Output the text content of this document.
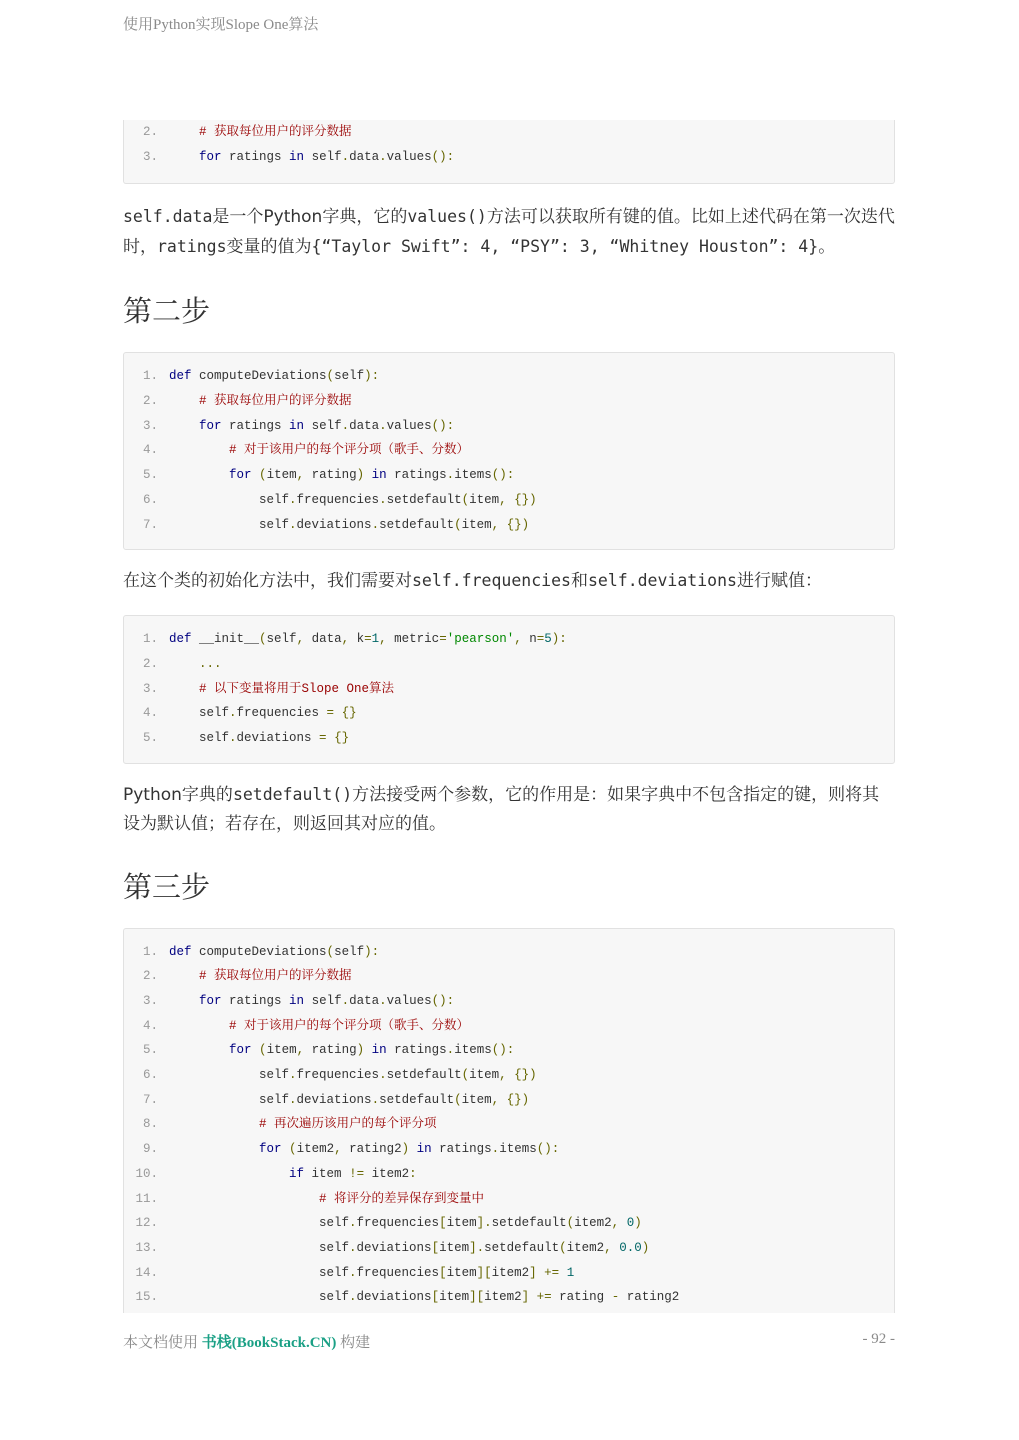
使用Python实现Slope One算法
2.	# 获取每位用户的评分数据
3.	for ratings in self.data.values():

self.data是一个Python字典，它的values()方法可以获取所有键的值。比如上述代码在第一次迭代时，ratings变量的值为{“Taylor Swift”: 4, “PSY”: 3, “Whitney Houston”: 4}。

第二步
1. def computeDeviations(self):
2.	# 获取每位用户的评分数据
3.	for ratings in self.data.values():
4.	# 对于该用户的每个评分项（歌手、分数）
5.	for (item, rating) in ratings.items():
6.            self.frequencies.setdefault(item, {})
7.            self.deviations.setdefault(item, {})

在这个类的初始化方法中，我们需要对self.frequencies和self.deviations进行赋值：

1. def __init__(self, data, k=1, metric='pearson', n=5):
2.	...
3.	# 以下变量将用于Slope One算法
4.    self.frequencies = {}
5.    self.deviations = {}

Python字典的setdefault()方法接受两个参数，它的作用是：如果字典中不包含指定的键，则将其设为默认值；若存在，则返回其对应的值。

第三步
1. def computeDeviations(self):
2.	# 获取每位用户的评分数据
3.	for ratings in self.data.values():
4.	# 对于该用户的每个评分项（歌手、分数）
5.	for (item, rating) in ratings.items():
6.            self.frequencies.setdefault(item, {})
7.            self.deviations.setdefault(item, {})
8.	# 再次遍历该用户的每个评分项
9.	for (item2, rating2) in ratings.items():
10.	if item != item2:
11.	# 将评分的差异保存到变量中
12.                    self.frequencies[item].setdefault(item2, 0)
13.                    self.deviations[item].setdefault(item2, 0.0)
14.                    self.frequencies[item][item2] += 1
15.                    self.deviations[item][item2] += rating - rating2
本文档使用 书栈(BookStack.CN) 构建	- 92 -
